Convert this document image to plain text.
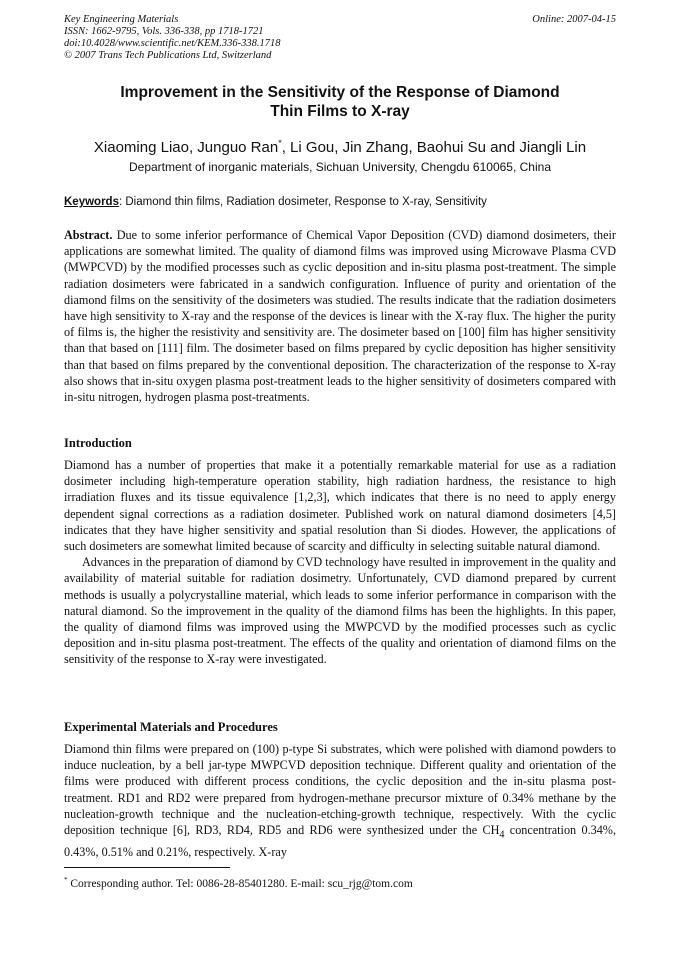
Key Engineering Materials
ISSN: 1662-9795, Vols. 336-338, pp 1718-1721
doi:10.4028/www.scientific.net/KEM.336-338.1718
© 2007 Trans Tech Publications Ltd, Switzerland
Online: 2007-04-15
Improvement in the Sensitivity of the Response of Diamond
Thin Films to X-ray
Xiaoming Liao, Junguo Ran*, Li Gou, Jin Zhang, Baohui Su and Jiangli Lin
Department of inorganic materials, Sichuan University, Chengdu 610065, China
Keywords: Diamond thin films, Radiation dosimeter, Response to X-ray, Sensitivity
Abstract. Due to some inferior performance of Chemical Vapor Deposition (CVD) diamond dosimeters, their applications are somewhat limited. The quality of diamond films was improved using Microwave Plasma CVD (MWPCVD) by the modified processes such as cyclic deposition and in-situ plasma post-treatment. The simple radiation dosimeters were fabricated in a sandwich configuration. Influence of purity and orientation of the diamond films on the sensitivity of the dosimeters was studied. The results indicate that the radiation dosimeters have high sensitivity to X-ray and the response of the devices is linear with the X-ray flux. The higher the purity of films is, the higher the resistivity and sensitivity are. The dosimeter based on [100] film has higher sensitivity than that based on [111] film. The dosimeter based on films prepared by cyclic deposition has higher sensitivity than that based on films prepared by the conventional deposition. The characterization of the response to X-ray also shows that in-situ oxygen plasma post-treatment leads to the higher sensitivity of dosimeters compared with in-situ nitrogen, hydrogen plasma post-treatments.
Introduction

Diamond has a number of properties that make it a potentially remarkable material for use as a radiation dosimeter including high-temperature operation stability, high radiation hardness, the resistance to high irradiation fluxes and its tissue equivalence [1,2,3], which indicates that there is no need to apply energy dependent signal corrections as a radiation dosimeter. Published work on natural diamond dosimeters [4,5] indicates that they have higher sensitivity and spatial resolution than Si diodes. However, the applications of such dosimeters are somewhat limited because of scarcity and difficulty in selecting suitable natural diamond.

Advances in the preparation of diamond by CVD technology have resulted in improvement in the quality and availability of material suitable for radiation dosimetry. Unfortunately, CVD diamond prepared by current methods is usually a polycrystalline material, which leads to some inferior performance in comparison with the natural diamond. So the improvement in the quality of the diamond films has been the highlights. In this paper, the quality of diamond films was improved using the MWPCVD by the modified processes such as cyclic deposition and in-situ plasma post-treatment. The effects of the quality and orientation of diamond films on the sensitivity of the response to X-ray were investigated.

Experimental Materials and Procedures

Diamond thin films were prepared on (100) p-type Si substrates, which were polished with diamond powders to induce nucleation, by a bell jar-type MWPCVD deposition technique. Different quality and orientation of the films were produced with different process conditions, the cyclic deposition and the in-situ plasma post-treatment. RD1 and RD2 were prepared from hydrogen-methane precursor mixture of 0.34% methane by the nucleation-growth technique and the nucleation-etching-growth technique, respectively. With the cyclic deposition technique [6], RD3, RD4, RD5 and RD6 were synthesized under the $CH_4$ concentration 0.34%, 0.43%, 0.51% and 0.21%, respectively. X-ray

* Corresponding author. Tel: 0086-28-85401280. E-mail: scu_rjg@tom.com
